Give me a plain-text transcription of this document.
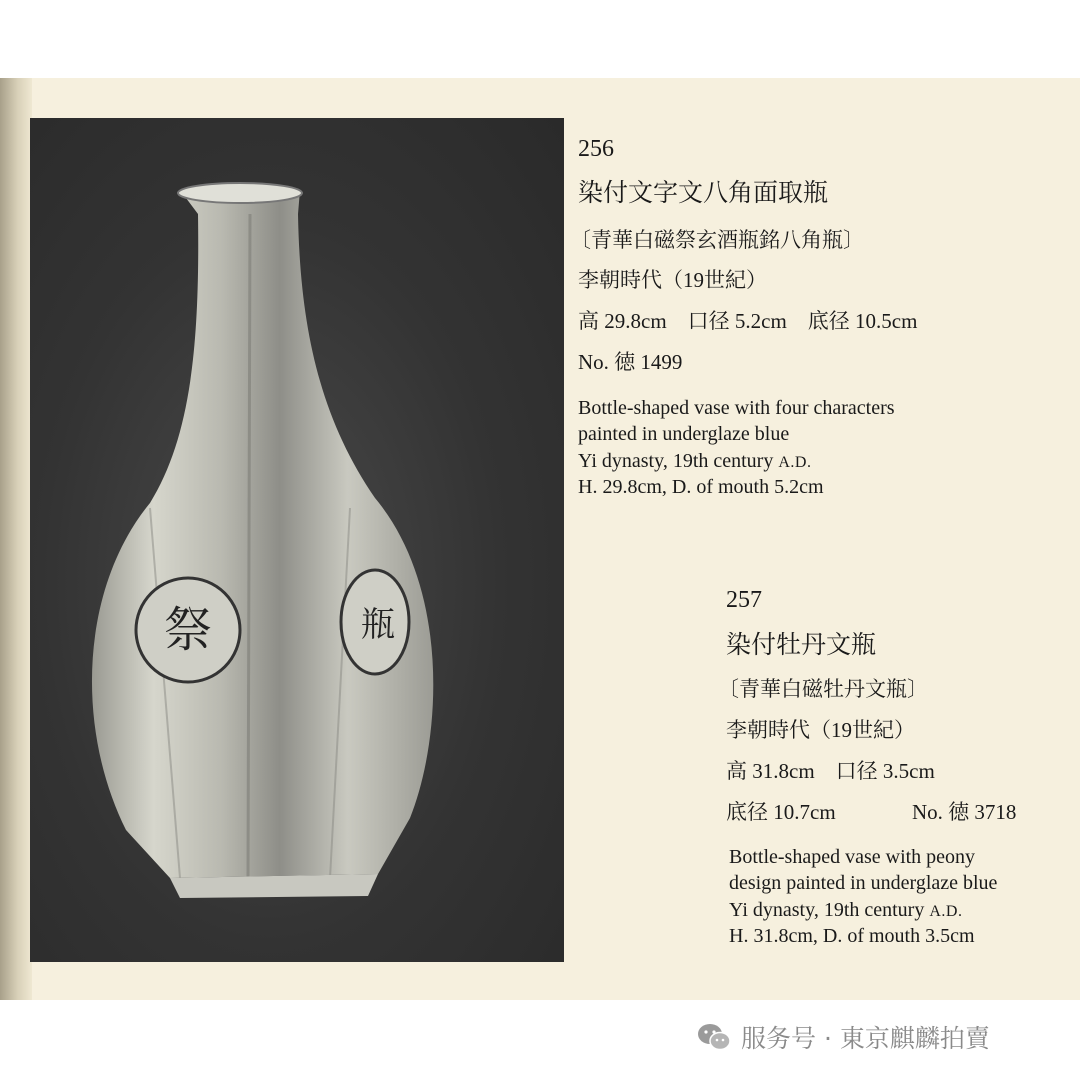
祭	瓶
256
染付文字文八角面取瓶
〔青華白磁祭玄酒瓶銘八角瓶〕
李朝時代（19世紀）
高 29.8cm　口径 5.2cm　底径 10.5cm
No. 徳 1499
Bottle-shaped vase with four characters
painted in underglaze blue
Yi dynasty, 19th century A.D.
H. 29.8cm, D. of mouth 5.2cm
257
染付牡丹文瓶
〔青華白磁牡丹文瓶〕
李朝時代（19世紀）
高 31.8cm　口径 3.5cm
底径 10.7cm	No. 徳 3718
Bottle-shaped vase with peony
design painted in underglaze blue
Yi dynasty, 19th century A.D.
H. 31.8cm, D. of mouth 3.5cm
服务号 · 東京麒麟拍賣
